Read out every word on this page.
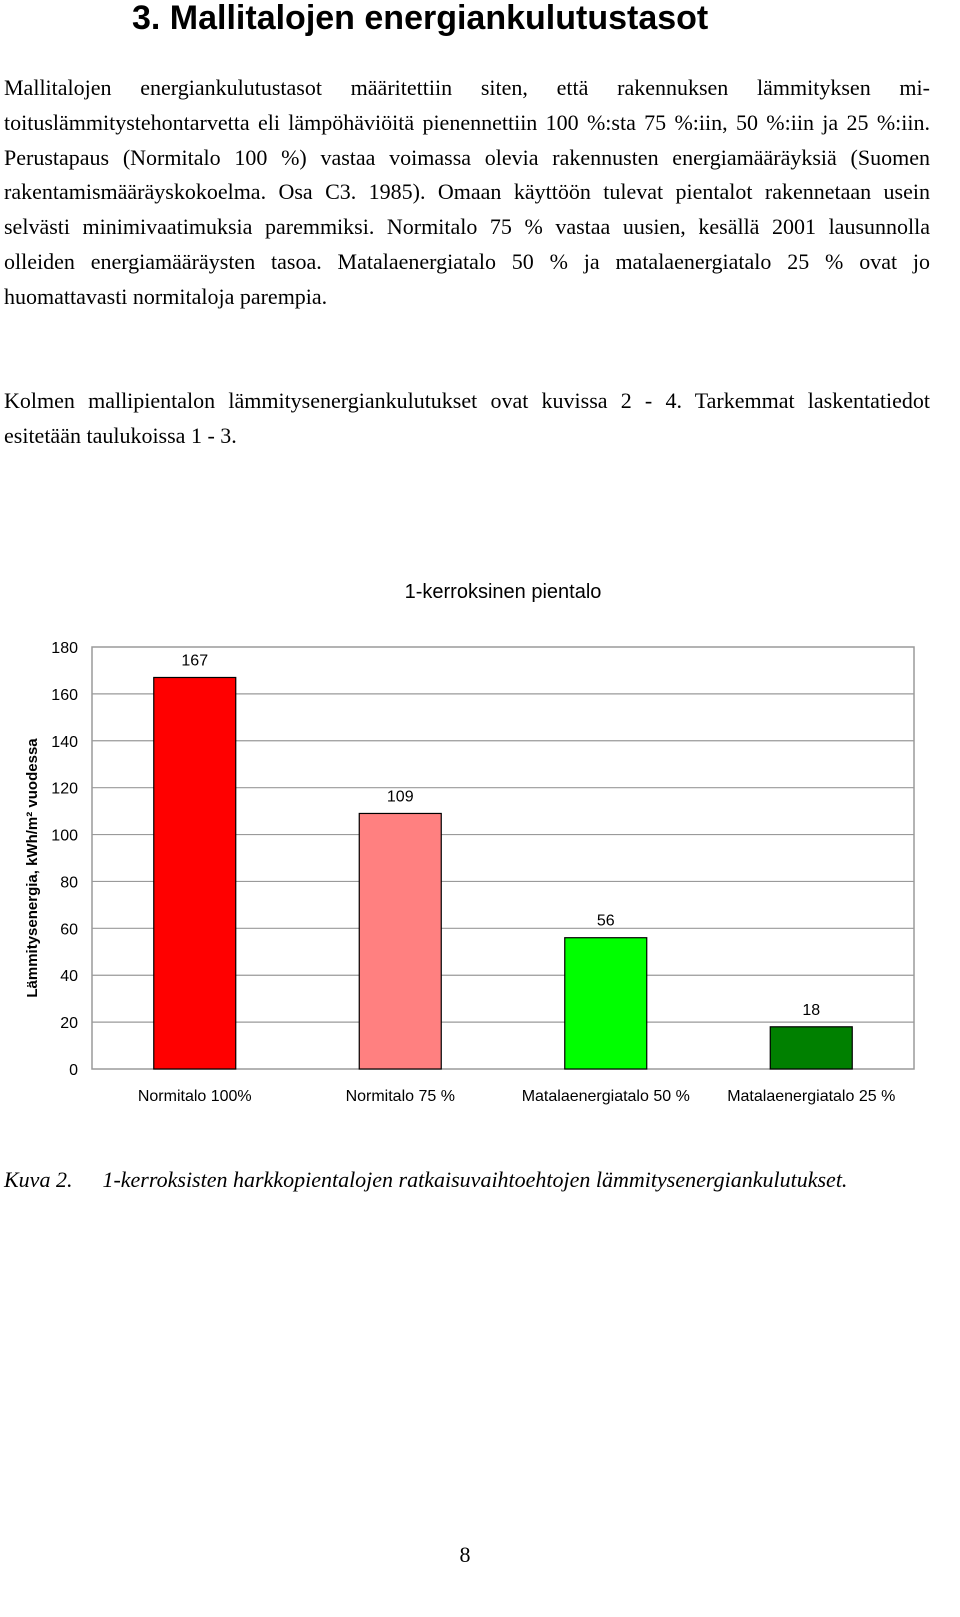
3. Mallitalojen energiankulutustasot

Mallitalojen energiankulutustasot määritettiin siten, että rakennuksen lämmityksen mitoituslämmitystehontarvetta eli lämpöhäviöitä pienennettiin 100 %:sta 75 %:iin, 50 %:iin ja 25 %:iin. Perustapaus (Normitalo 100 %) vastaa voimassa olevia rakennusten energiamääräyksiä (Suomen rakentamismääräyskokoelma. Osa C3. 1985). Omaan käyttöön tulevat pientalot rakennetaan usein selvästi minimivaatimuksia paremmiksi. Normitalo 75 % vastaa uusien, kesällä 2001 lausunnolla olleiden energiamääräysten tasoa. Matalaenergiatalo 50 % ja matalaenergiatalo 25 % ovat jo huomattavasti normitaloja parempia.

Kolmen mallipientalon lämmitysenergiankulutukset ovat kuvissa 2 - 4. Tarkemmat laskentatiedot esitetään taulukoissa 1 - 3.

0
20
40
60
80
100
120
140
160
180
167
Normitalo 100%
109
Normitalo 75 %
56
Matalaenergiatalo 50 %
18
Matalaenergiatalo 25 %
1-kerroksinen pientalo
Lämmitysenergia, kWh/m² vuodessa

Kuva 2. 1-kerroksisten harkkopientalojen ratkaisuvaihtoehtojen lämmitysenergiankulutukset.

8
